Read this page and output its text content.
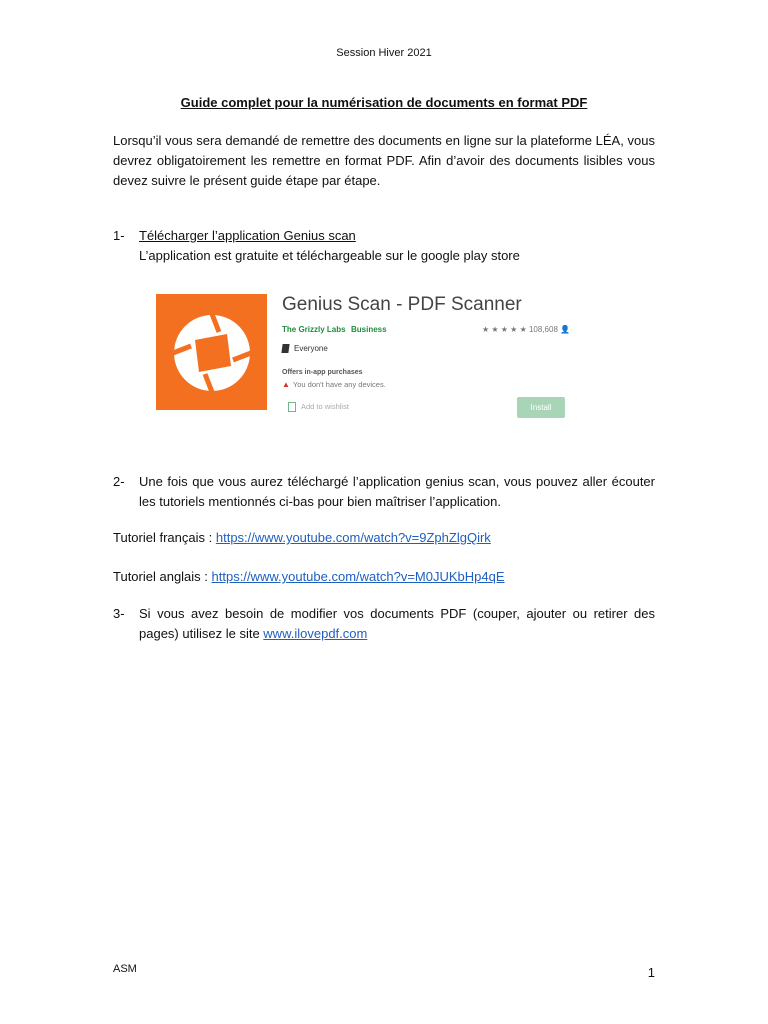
Session Hiver 2021
Guide complet pour la numérisation de documents en format PDF
Lorsqu’il vous sera demandé de remettre des documents en ligne sur la plateforme LÉA, vous devrez obligatoirement les remettre en format PDF. Afin d’avoir des documents lisibles vous devez suivre le présent guide étape par étape.
1-	Télécharger l’application Genius scan
L’application est gratuite et téléchargeable sur le google play store
Genius Scan - PDF Scanner
The Grizzly Labs Business	★ ★ ★ ★ ★ 108,608 👤
Everyone
Offers in-app purchases
▲ You don't have any devices.
Add to wishlist	Install
2-	Une fois que vous aurez téléchargé l’application genius scan, vous pouvez aller écouter les tutoriels mentionnés ci-bas pour bien maîtriser l’application.
Tutoriel français : https://www.youtube.com/watch?v=9ZphZlgQirk
Tutoriel anglais : https://www.youtube.com/watch?v=M0JUKbHp4qE
3-	Si vous avez besoin de modifier vos documents PDF (couper, ajouter ou retirer des pages) utilisez le site www.ilovepdf.com
ASM	1
